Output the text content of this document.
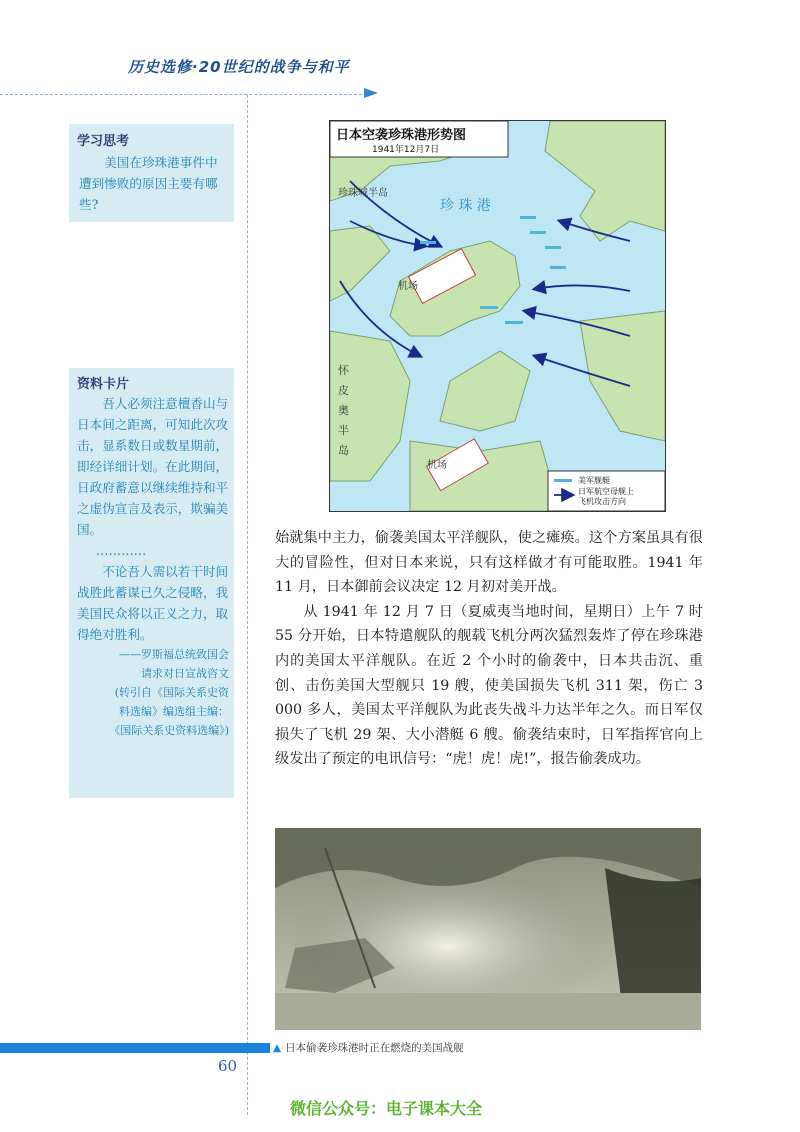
历史选修·20世纪的战争与和平
学习思考

美国在珍珠港事件中遭到惨败的原因主要有哪些?

资料卡片

吾人必须注意檀香山与日本间之距离，可知此次攻击，显系数日或数星期前，即经详细计划。在此期间，日政府蓄意以继续维持和平之虚伪宣言及表示，欺骗美国。

…………

不论吾人需以若干时间战胜此蓄谋已久之侵略，我美国民众将以正义之力，取得绝对胜利。

——罗斯福总统致国会
请求对日宣战咨文
(转引自《国际关系史资
料选编》编选组主编：
《国际关系史资料选编》)
日本空袭珍珠港形势图
1941年12月7日
珍珠城半岛
珍 珠 港
机场
机场
怀
皮
奥
半
岛
美军舰艇
日军航空母舰上
飞机攻击方向

始就集中主力，偷袭美国太平洋舰队，使之瘫痪。这个方案虽具有很大的冒险性，但对日本来说，只有这样做才有可能取胜。1941 年 11 月，日本御前会议决定 12 月初对美开战。

从 1941 年 12 月 7 日（夏威夷当地时间，星期日）上午 7 时 55 分开始，日本特遣舰队的舰载飞机分两次猛烈轰炸了停在珍珠港内的美国太平洋舰队。在近 2 个小时的偷袭中，日本共击沉、重创、击伤美国大型舰只 19 艘，使美国损失飞机 311 架，伤亡 3 000 多人，美国太平洋舰队为此丧失战斗力达半年之久。而日军仅损失了飞机 29 架、大小潜艇 6 艘。偷袭结束时，日军指挥官向上级发出了预定的电讯信号：“虎！虎！虎!”，报告偷袭成功。

▲ 日本偷袭珍珠港时正在燃烧的美国战舰
60
微信公众号：电子课本大全
